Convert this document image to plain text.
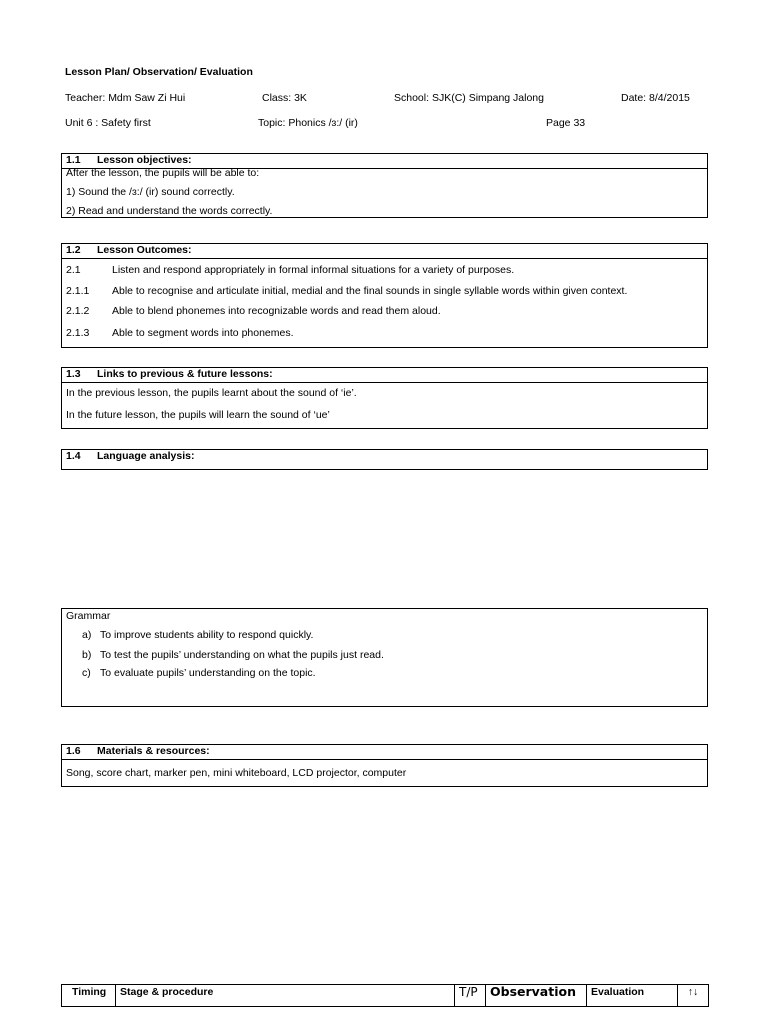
Lesson Plan/ Observation/ Evaluation
Teacher: Mdm Saw Zi Hui	Class: 3K	School: SJK(C) Simpang Jalong	Date: 8/4/2015
Unit 6 : Safety first	Topic: Phonics /ɜ:/ (ir)	Page 33
1.1 Lesson objectives:
After the lesson, the pupils will be able to:
1) Sound the /ɜ:/ (ir) sound correctly.
2) Read and understand the words correctly.
1.2 Lesson Outcomes:
2.1	Listen and respond appropriately in formal informal situations for a variety of purposes.
2.1.1 Able to recognise and articulate initial, medial and the final sounds in single syllable words within given context.
2.1.2 Able to blend phonemes into recognizable words and read them aloud.
2.1.3 Able to segment words into phonemes.
1.3 Links to previous & future lessons:
In the previous lesson, the pupils learnt about the sound of ‘ie’.
In the future lesson, the pupils will learn the sound of ‘ue’
1.4 Language analysis:
Grammar
a) To improve students ability to respond quickly.
b) To test the pupils’ understanding on what the pupils just read.
c) To evaluate pupils’ understanding on the topic.
1.6 Materials & resources:
Song, score chart, marker pen, mini whiteboard, LCD projector, computer
Timing	Stage & procedure	T/P	Observation	Evaluation	↑↓
